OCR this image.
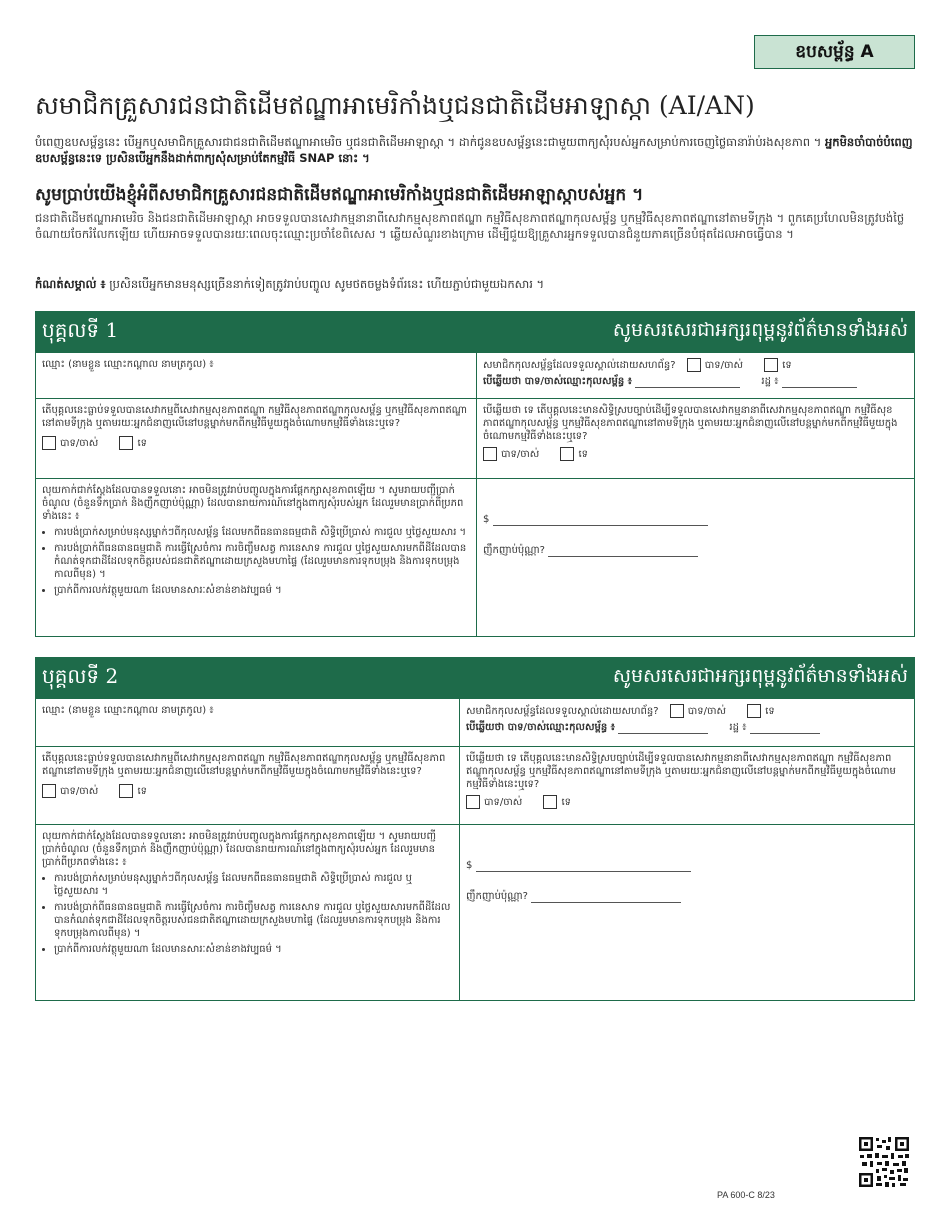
ឧបសម្ព័ន្ធ A
សមាជិកគ្រួសារជនជាតិដើមឥណ្ឌាអាមេរិកាំងឬជនជាតិដើមអាឡាស្កា (AI/AN)
បំពេញឧបសម្ព័ន្ធនេះ បើអ្នកឬសមាជិកគ្រួសារជាជនជាតិដើមឥណ្ឌាអាមេរិច ឬជនជាតិដើមអាឡាស្កា ។ ដាក់ជូនឧបសម្ព័ន្ធនេះជាមួយពាក្យសុំរបស់អ្នកសម្រាប់ការចេញថ្លៃធានារ៉ាប់រងសុខភាព ។ អ្នកមិនចាំបាច់បំពេញឧបសម្ព័ន្ធនេះទេ ប្រសិនបើអ្នកនឹងដាក់ពាក្យសុំសម្រាប់តែកម្មវិធី SNAP នោះ ។
សូមប្រាប់យើងខ្ញុំអំពីសមាជិកគ្រួសារជនជាតិដើមឥណ្ឌាអាមេរិកាំងឬជនជាតិដើមអាឡាស្កាបស់អ្នក ។
ជនជាតិដើមឥណ្ឌាអាមេរិច និងជនជាតិដើមអាឡាស្កា អាចទទួលបានសេវាកម្មនានាពីសេវាកម្មសុខភាពឥណ្ឌា កម្មវិធីសុខភាពឥណ្ឌាកុលសម្ព័ន្ធ ឬកម្មវិធីសុខភាពឥណ្ឌានៅតាមទីក្រុង ។ ពួកគេប្រហែលមិនត្រូវបង់ថ្លៃចំណាយចែករំលែកឡើយ ហើយអាចទទួលបានរយៈពេលចុះឈ្មោះប្រចាំខែពិសេស ។ ឆ្លើយសំណួរខាងក្រោម ដើម្បីជួយឱ្យគ្រួសារអ្នកទទួលបានជំនួយភាគច្រើនបំផុតដែលអាចធ្វើបាន ។
កំណត់សម្គាល់ ៖ ប្រសិនបើអ្នកមានមនុស្សច្រើននាក់ទៀតត្រូវរាប់បញ្ចូល សូមថតចម្លងទំព័រនេះ ហើយភ្ជាប់ជាមួយឯកសារ ។
បុគ្គលទី 1	សូមសរសេរជាអក្សរពុម្ពនូវព័ត៌មានទាំងអស់
ឈ្មោះ (នាមខ្លួន ឈ្មោះកណ្តាល នាមត្រកូល) ៖	សមាជិកកុលសម្ព័ន្ធដែលទទួលស្គាល់ដោយសហព័ន្ធ?	បាទ/ចាស់	ទេ
បើឆ្លើយថា បាទ/ចាស់ឈ្មោះកុលសម្ព័ន្ធ ៖	រដ្ឋ ៖
តើបុគ្គលនេះធ្លាប់ទទួលបានសេវាកម្មពីសេវាកម្មសុខភាពឥណ្ឌា កម្មវិធីសុខភាពឥណ្ឌាកុលសម្ព័ន្ធ ឬកម្មវិធីសុខភាពឥណ្ឌានៅតាមទីក្រុង ឬតាមរយៈអ្នកជំនាញលើនៅបន្តម្នាក់មកពីកម្មវិធីមួយក្នុងចំណោមកម្មវិធីទាំងនេះឬទេ?
បាទ/ចាស់	ទេ
បើឆ្លើយថា ទេ តើបុគ្គលនេះមានសិទ្ធិស្របច្បាប់ដើម្បីទទួលបានសេវាកម្មនានាពីសេវាកម្មសុខភាពឥណ្ឌា កម្មវិធីសុខភាពឥណ្ឌាកុលសម្ព័ន្ធ ឬកម្មវិធីសុខភាពឥណ្ឌានៅតាមទីក្រុង ឬតាមរយៈអ្នកជំនាញលើនៅបន្តម្នាក់មកពីកម្មវិធីមួយក្នុងចំណោមកម្មវិធីទាំងនេះឬទេ?
បាទ/ចាស់	ទេ
លុយកាក់ជាក់ស្តែងដែលបានទទួលនោះ អាចមិនត្រូវរាប់បញ្ចូលក្នុងការផ្តែកក្សាសុខភាពឡើយ ។ សូមរាយបញ្ជីប្រាក់ចំណូល (ចំនួនទឹកប្រាក់ និងញឹកញាប់ប៉ុណ្ណា) ដែលបានរាយការណ៍នៅក្នុងពាក្យសុំរបស់អ្នក ដែលរួមមានប្រាក់ពីប្រភពទាំងនេះ ៖
• ការបង់ប្រាក់សម្រាប់មនុស្សម្នាក់ៗពីកុលសម្ព័ន្ធ ដែលមកពីធនធានធម្មជាតិ សិទ្ធិប្រើប្រាស់ ការជួល ឬថ្លៃសួយសារ ។
• ការបង់ប្រាក់ពីធនធានធម្មជាតិ ការធ្វើស្រែចំការ ការចិញ្ចឹមសត្វ ការនេសាទ ការជួល ឬថ្លៃសួយសារមកពីដីដែលបានកំណត់ទុកជាដីដែលទុកចិត្តរបស់ជនជាតិឥណ្ឌាដោយក្រសួងមហាផ្ទៃ (ដែលរួមមានការទុកបម្រុង និងការទុកបម្រុងកាលពីមុន) ។
• ប្រាក់ពីការលក់វត្ថុមួយណា ដែលមានសារៈសំខាន់ខាងវប្បធម៌ ។
$
ញឹកញាប់ប៉ុណ្ណា?
បុគ្គលទី 2	សូមសរសេរជាអក្សរពុម្ពនូវព័ត៌មានទាំងអស់
ឈ្មោះ (នាមខ្លួន ឈ្មោះកណ្តាល នាមត្រកូល) ៖	សមាជិកកុលសម្ព័ន្ធដែលទទួលស្គាល់ដោយសហព័ន្ធ?	បាទ/ចាស់	ទេ
បើឆ្លើយថា បាទ/ចាស់ឈ្មោះកុលសម្ព័ន្ធ ៖	រដ្ឋ ៖
តើបុគ្គលនេះធ្លាប់ទទួលបានសេវាកម្មពីសេវាកម្មសុខភាពឥណ្ឌា កម្មវិធីសុខភាពឥណ្ឌាកុលសម្ព័ន្ធ ឬកម្មវិធីសុខភាពឥណ្ឌានៅតាមទីក្រុង ឬតាមរយៈអ្នកជំនាញលើនៅបន្តម្នាក់មកពីកម្មវិធីមួយក្នុងចំណោមកម្មវិធីទាំងនេះឬទេ?
បាទ/ចាស់	ទេ
បើឆ្លើយថា ទេ តើបុគ្គលនេះមានសិទ្ធិស្របច្បាប់ដើម្បីទទួលបានសេវាកម្មនានាពីសេវាកម្មសុខភាពឥណ្ឌា កម្មវិធីសុខភាពឥណ្ឌាកុលសម្ព័ន្ធ ឬកម្មវិធីសុខភាពឥណ្ឌានៅតាមទីក្រុង ឬតាមរយៈអ្នកជំនាញលើនៅបន្តម្នាក់មកពីកម្មវិធីមួយក្នុងចំណោមកម្មវិធីទាំងនេះឬទេ?
បាទ/ចាស់	ទេ
លុយកាក់ជាក់ស្តែងដែលបានទទួលនោះ អាចមិនត្រូវរាប់បញ្ចូលក្នុងការផ្តែកក្សាសុខភាពឡើយ ។ សូមរាយបញ្ជីប្រាក់ចំណូល (ចំនួនទឹកប្រាក់ និងញឹកញាប់ប៉ុណ្ណា) ដែលបានរាយការណ៍នៅក្នុងពាក្យសុំរបស់អ្នក ដែលរួមមានប្រាក់ពីប្រភពទាំងនេះ ៖
• ការបង់ប្រាក់សម្រាប់មនុស្សម្នាក់ៗពីកុលសម្ព័ន្ធ ដែលមកពីធនធានធម្មជាតិ សិទ្ធិប្រើប្រាស់ ការជួល ឬថ្លៃសួយសារ ។
• ការបង់ប្រាក់ពីធនធានធម្មជាតិ ការធ្វើស្រែចំការ ការចិញ្ចឹមសត្វ ការនេសាទ ការជួល ឬថ្លៃសួយសារមកពីដីដែលបានកំណត់ទុកជាដីដែលទុកចិត្តរបស់ជនជាតិឥណ្ឌាដោយក្រសួងមហាផ្ទៃ (ដែលរួមមានការទុកបម្រុង និងការទុកបម្រុងកាលពីមុន) ។
• ប្រាក់ពីការលក់វត្ថុមួយណា ដែលមានសារៈសំខាន់ខាងវប្បធម៌ ។
$
ញឹកញាប់ប៉ុណ្ណា?
PA 600-C 8/23
